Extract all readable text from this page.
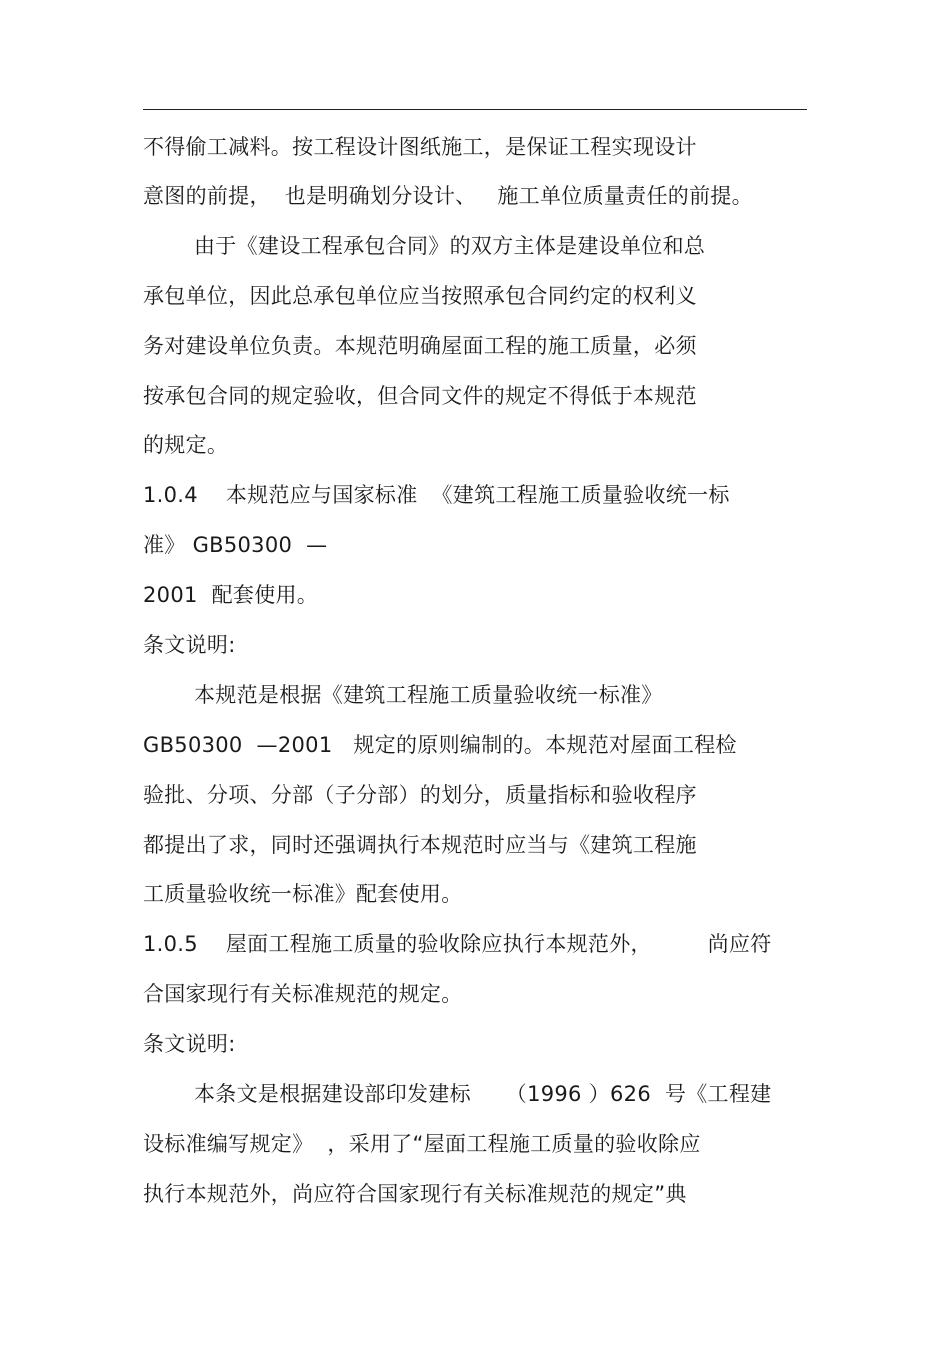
不得偷工减料。按工程设计图纸施工，是保证工程实现设计
意图的前提，  也是明确划分设计、   施工单位质量责任的前提。
由于《建设工程承包合同》的双方主体是建设单位和总
承包单位，因此总承包单位应当按照承包合同约定的权利义
务对建设单位负责。本规范明确屋面工程的施工质量，必须
按承包合同的规定验收，但合同文件的规定不得低于本规范
的规定。
1.0.4    本规范应与国家标准  《建筑工程施工质量验收统一标
准》 GB50300  —
2001  配套使用。
条文说明:
本规范是根据《建筑工程施工质量验收统一标准》
GB50300  —2001   规定的原则编制的。本规范对屋面工程检
验批、分项、分部（子分部）的划分，质量指标和验收程序
都提出了求，同时还强调执行本规范时应当与《建筑工程施
工质量验收统一标准》配套使用。
1.0.5    屋面工程施工质量的验收除应执行本规范外，        尚应符
合国家现行有关标准规范的规定。
条文说明:
本条文是根据建设部印发建标     （1996 ）626  号《工程建
设标准编写规定》  ，采用了“屋面工程施工质量的验收除应
执行本规范外，尚应符合国家现行有关标准规范的规定”典
